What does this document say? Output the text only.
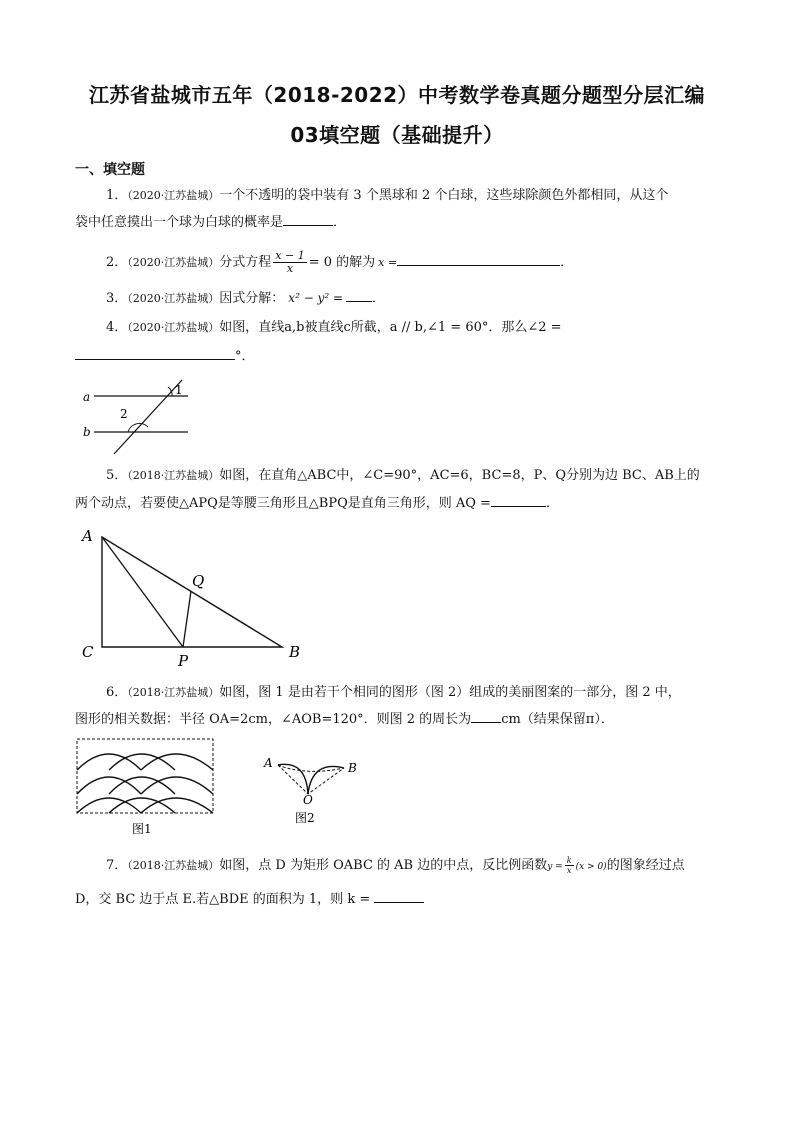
江苏省盐城市五年（2018-2022）中考数学卷真题分题型分层汇编
03填空题（基础提升）
一、填空题
1．（2020·江苏盐城）一个不透明的袋中装有 3 个黑球和 2 个白球，这些球除颜色外都相同，从这个
袋中任意摸出一个球为白球的概率是	．
2．（2020·江苏盐城）分式方程 $\frac{x - 1}{x} = 0$ 的解为 x =	．
3．（2020·江苏盐城）因式分解： x² − y² = ．
4．（2020·江苏盐城）如图，直线a,b被直线c所截，a // b,∠1 = 60°．那么∠2 =
°．
a
b
1
2
5．（2018·江苏盐城）如图，在直角△ABC中，∠C=90°，AC=6，BC=8，P、Q分别为边 BC、AB上的
两个动点，若要使△APQ是等腰三角形且△BPQ是直角三角形，则 AQ =	．
A
C	B
P
Q
6．（2018·江苏盐城）如图，图 1 是由若干个相同的图形（图 2）组成的美丽图案的一部分，图 2 中，
图形的相关数据：半径 OA=2cm，∠AOB=120°．则图 2 的周长为 cm（结果保留π）．
图1
A	B
O
图2
7．（2018·江苏盐城）如图，点 D 为矩形 OABC 的 AB 边的中点，反比例函数$y = \frac{k}{x} (x > 0)$的图象经过点
D，交 BC 边于点 E.若△BDE 的面积为 1，则 k =
